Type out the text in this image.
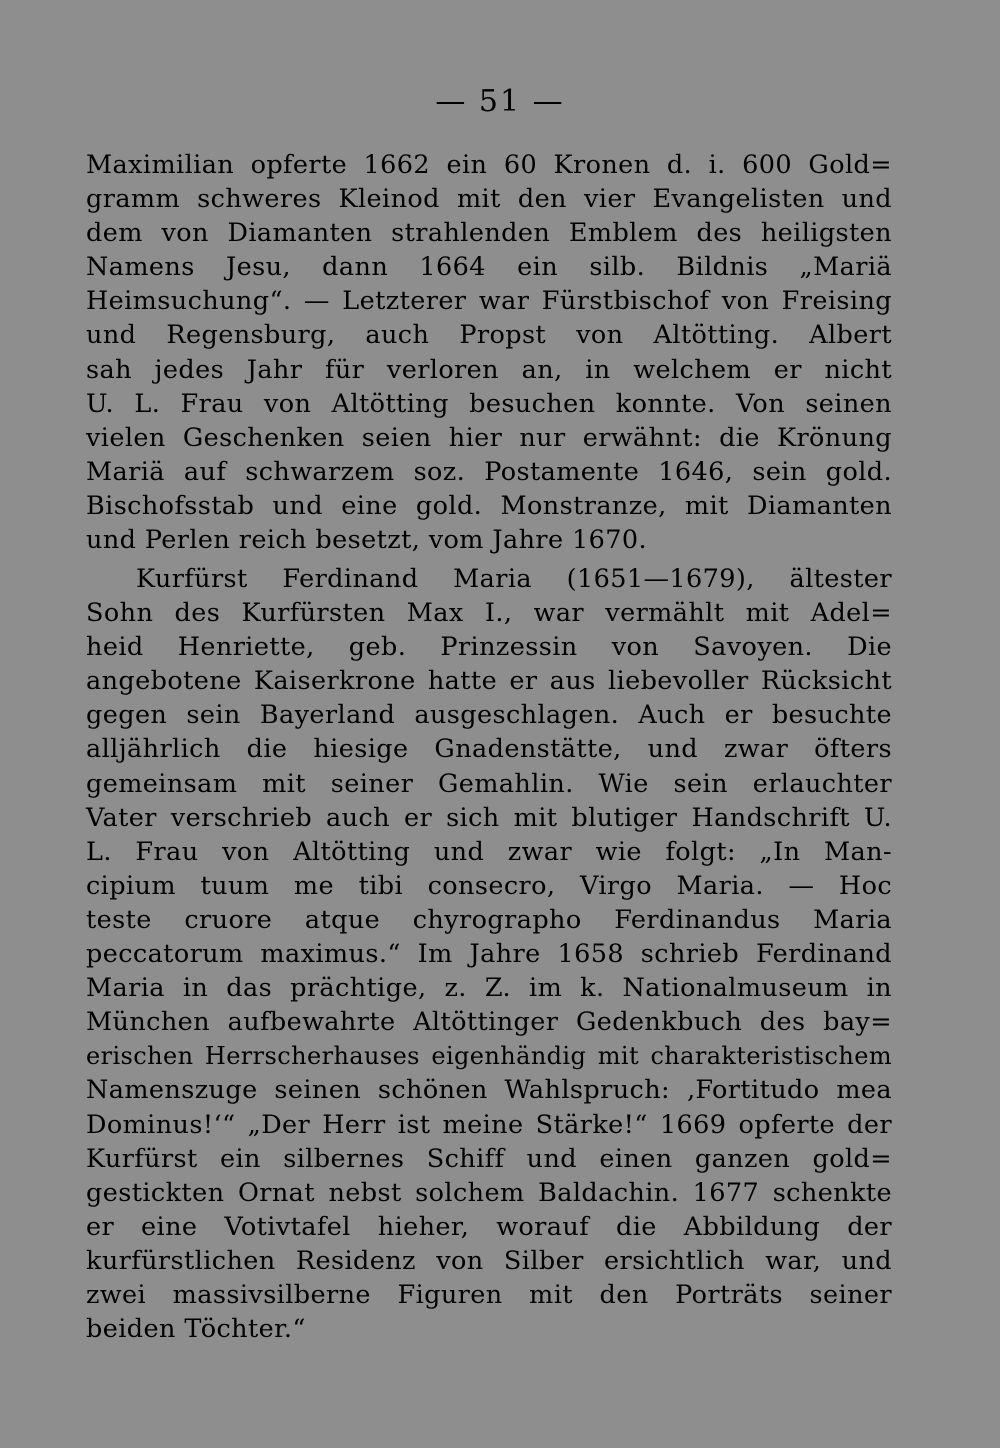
— 51 —
Maximilian opferte 1662 ein 60 Kronen d. i. 600 Gold=
gramm schweres Kleinod mit den vier Evangelisten und
dem von Diamanten strahlenden Emblem des heiligsten
Namens Jesu, dann 1664 ein silb. Bildnis „Mariä
Heimsuchung“. — Letzterer war Fürstbischof von Freising
und Regensburg, auch Propst von Altötting. Albert
sah jedes Jahr für verloren an, in welchem er nicht
U. L. Frau von Altötting besuchen konnte. Von seinen
vielen Geschenken seien hier nur erwähnt: die Krönung
Mariä auf schwarzem soz. Postamente 1646, sein gold.
Bischofsstab und eine gold. Monstranze, mit Diamanten
und Perlen reich besetzt, vom Jahre 1670.
Kurfürst Ferdinand Maria (1651—1679), ältester
Sohn des Kurfürsten Max I., war vermählt mit Adel=
heid Henriette, geb. Prinzessin von Savoyen. Die
angebotene Kaiserkrone hatte er aus liebevoller Rücksicht
gegen sein Bayerland ausgeschlagen. Auch er besuchte
alljährlich die hiesige Gnadenstätte, und zwar öfters
gemeinsam mit seiner Gemahlin. Wie sein erlauchter
Vater verschrieb auch er sich mit blutiger Handschrift U.
L. Frau von Altötting und zwar wie folgt: „In Man-
cipium tuum me tibi consecro, Virgo Maria. — Hoc
teste cruore atque chyrographo Ferdinandus Maria
peccatorum maximus.“ Im Jahre 1658 schrieb Ferdinand
Maria in das prächtige, z. Z. im k. Nationalmuseum in
München aufbewahrte Altöttinger Gedenkbuch des bay=
erischen Herrscherhauses eigenhändig mit charakteristischem
Namenszuge seinen schönen Wahlspruch: ‚Fortitudo mea
Dominus!‘“ „Der Herr ist meine Stärke!“ 1669 opferte der
Kurfürst ein silbernes Schiff und einen ganzen gold=
gestickten Ornat nebst solchem Baldachin. 1677 schenkte
er eine Votivtafel hieher, worauf die Abbildung der
kurfürstlichen Residenz von Silber ersichtlich war, und
zwei massivsilberne Figuren mit den Porträts seiner
beiden Töchter.“
